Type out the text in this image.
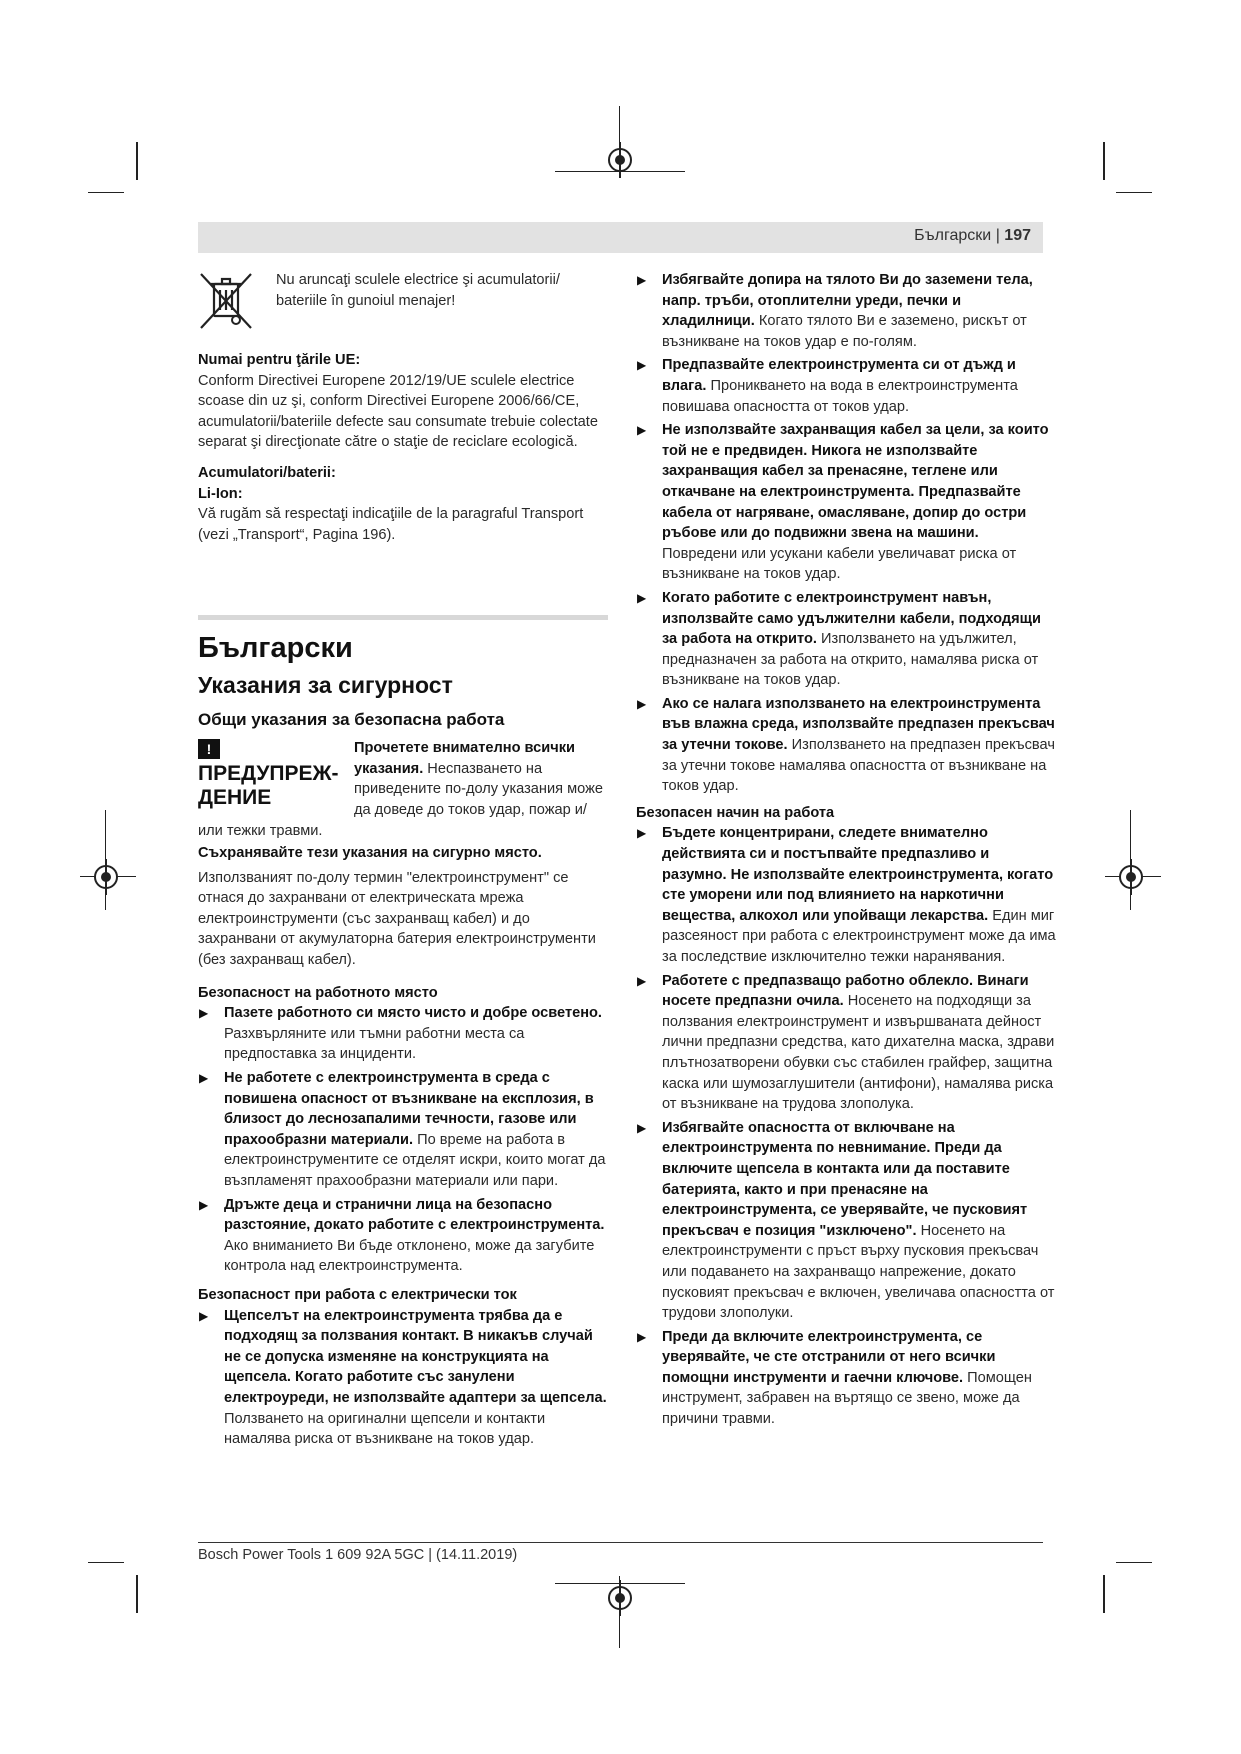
Български | 197

Nu aruncaţi sculele electrice şi acumulatorii/ bateriile în gunoiul menajer!

Numai pentru ţările UE:

Conform Directivei Europene 2012/19/UE sculele electrice scoase din uz şi, conform Directivei Europene 2006/66/CE, acumulatorii/bateriile defecte sau consumate trebuie colectate separat şi direcţionate către o staţie de reciclare ecologică.

Acumulatori/baterii:

Li-Ion:

Vă rugăm să respectaţi indicaţiile de la paragraful Transport (vezi „Transport“, Pagina 196).

Български
Указания за сигурност
Общи указания за безопасна работа
!ПРЕДУПРЕЖ-ДЕНИЕ

Прочетете внимателно всички указания. Неспазването на приведените по-долу указания може да доведе до токов удар, пожар и/или тежки травми.

Съхранявайте тези указания на сигурно място.

Използваният по-долу термин "електроинструмент" се отнася до захранвани от електрическата мрежа електроинструменти (със захранващ кабел) и до захранвани от акумулаторна батерия електроинструменти (без захранващ кабел).

Безопасност на работното място

▶ Пазете работното си място чисто и добре осветено. Разхвърляните или тъмни работни места са предпоставка за инциденти.
▶ Не работете с електроинструмента в среда с повишена опасност от възникване на експлозия, в близост до леснозапалими течности, газове или прахообразни материали. По време на работа в електроинструментите се отделят искри, които могат да възпламенят прахообразни материали или пари.
▶ Дръжте деца и странични лица на безопасно разстояние, докато работите с електроинструмента. Ако вниманието Ви бъде отклонено, може да загубите контрола над електроинструмента.

Безопасност при работа с електрически ток

▶ Щепселът на електроинструмента трябва да е подходящ за ползвания контакт. В никакъв случай не се допуска изменяне на конструкцията на щепсела. Когато работите със занулени електроуреди, не използвайте адаптери за щепсела. Ползването на оригинални щепсели и контакти намалява риска от възникване на токов удар.
▶ Избягвайте допира на тялото Ви до заземени тела, напр. тръби, отоплителни уреди, печки и хладилници. Когато тялото Ви е заземено, рискът от възникване на токов удар е по-голям.
▶ Предпазвайте електроинструмента си от дъжд и влага. Проникването на вода в електроинструмента повишава опасността от токов удар.
▶ Не използвайте захранващия кабел за цели, за които той не е предвиден. Никога не използвайте захранващия кабел за пренасяне, теглене или откачване на електроинструмента. Предпазвайте кабела от нагряване, омасляване, допир до остри ръбове или до подвижни звена на машини. Повредени или усукани кабели увеличават риска от възникване на токов удар.
▶ Когато работите с електроинструмент навън, използвайте само удължителни кабели, подходящи за работа на открито. Използването на удължител, предназначен за работа на открито, намалява риска от възникване на токов удар.
▶ Ако се налага използването на електроинструмента във влажна среда, използвайте предпазен прекъсвач за утечни токове. Използването на предпазен прекъсвач за утечни токове намалява опасността от възникване на токов удар.

Безопасен начин на работа

▶ Бъдете концентрирани, следете внимателно действията си и постъпвайте предпазливо и разумно. Не използвайте електроинструмента, когато сте уморени или под влиянието на наркотични вещества, алкохол или упойващи лекарства. Един миг разсеяност при работа с електроинструмент може да има за последствие изключително тежки наранявания.
▶ Работете с предпазващо работно облекло. Винаги носете предпазни очила. Носенето на подходящи за ползвания електроинструмент и извършваната дейност лични предпазни средства, като дихателна маска, здрави плътнозатворени обувки със стабилен грайфер, защитна каска или шумозаглушители (антифони), намалява риска от възникване на трудова злополука.
▶ Избягвайте опасността от включване на електроинструмента по невнимание. Преди да включите щепсела в контакта или да поставите батерията, както и при пренасяне на електроинструмента, се уверявайте, че пусковият прекъсвач е позиция "изключено". Носенето на електроинструменти с пръст върху пусковия прекъсвач или подаването на захранващо напрежение, докато пусковият прекъсвач е включен, увеличава опасността от трудови злополуки.
▶ Преди да включите електроинструмента, се уверявайте, че сте отстранили от него всички помощни инструменти и гаечни ключове. Помощен инструмент, забравен на въртящо се звено, може да причини травми.
Bosch Power Tools 1 609 92A 5GC | (14.11.2019)
